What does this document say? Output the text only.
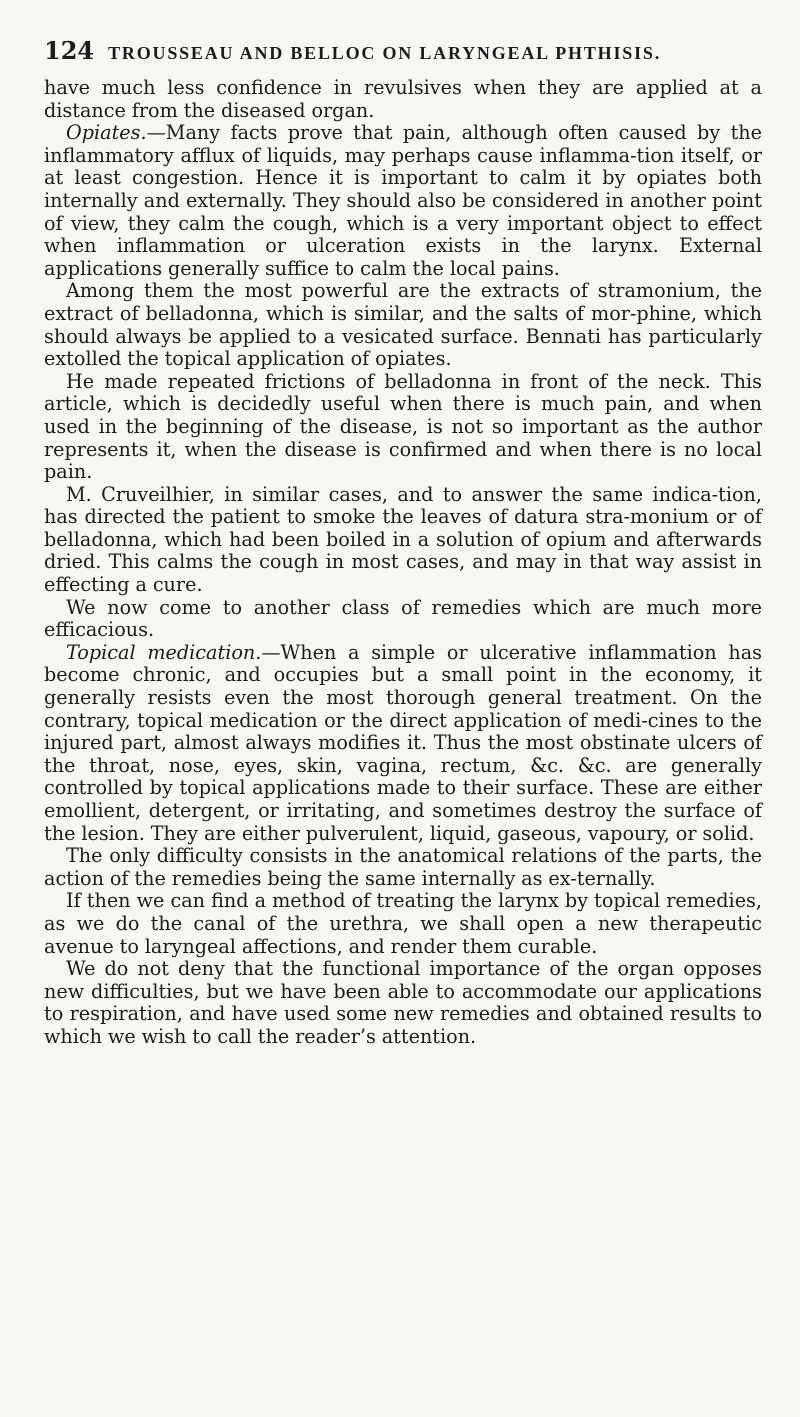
124 TROUSSEAU AND BELLOC ON LARYNGEAL PHTHISIS.

have much less confidence in revulsives when they are applied at a distance from the diseased organ.

Opiates.—Many facts prove that pain, although often caused by the inflammatory afflux of liquids, may perhaps cause inflamma-tion itself, or at least congestion. Hence it is important to calm it by opiates both internally and externally. They should also be considered in another point of view, they calm the cough, which is a very important object to effect when inflammation or ulceration exists in the larynx. External applications generally suffice to calm the local pains.

Among them the most powerful are the extracts of stramonium, the extract of belladonna, which is similar, and the salts of mor-phine, which should always be applied to a vesicated surface. Bennati has particularly extolled the topical application of opiates.

He made repeated frictions of belladonna in front of the neck. This article, which is decidedly useful when there is much pain, and when used in the beginning of the disease, is not so important as the author represents it, when the disease is confirmed and when there is no local pain.

M. Cruveilhier, in similar cases, and to answer the same indica-tion, has directed the patient to smoke the leaves of datura stra-monium or of belladonna, which had been boiled in a solution of opium and afterwards dried. This calms the cough in most cases, and may in that way assist in effecting a cure.

We now come to another class of remedies which are much more efficacious.

Topical medication.—When a simple or ulcerative inflammation has become chronic, and occupies but a small point in the economy, it generally resists even the most thorough general treatment. On the contrary, topical medication or the direct application of medi-cines to the injured part, almost always modifies it. Thus the most obstinate ulcers of the throat, nose, eyes, skin, vagina, rectum, &c. &c. are generally controlled by topical applications made to their surface. These are either emollient, detergent, or irritating, and sometimes destroy the surface of the lesion. They are either pulverulent, liquid, gaseous, vapoury, or solid.

The only difficulty consists in the anatomical relations of the parts, the action of the remedies being the same internally as ex-ternally.

If then we can find a method of treating the larynx by topical remedies, as we do the canal of the urethra, we shall open a new therapeutic avenue to laryngeal affections, and render them curable.

We do not deny that the functional importance of the organ opposes new difficulties, but we have been able to accommodate our applications to respiration, and have used some new remedies and obtained results to which we wish to call the reader’s attention.
